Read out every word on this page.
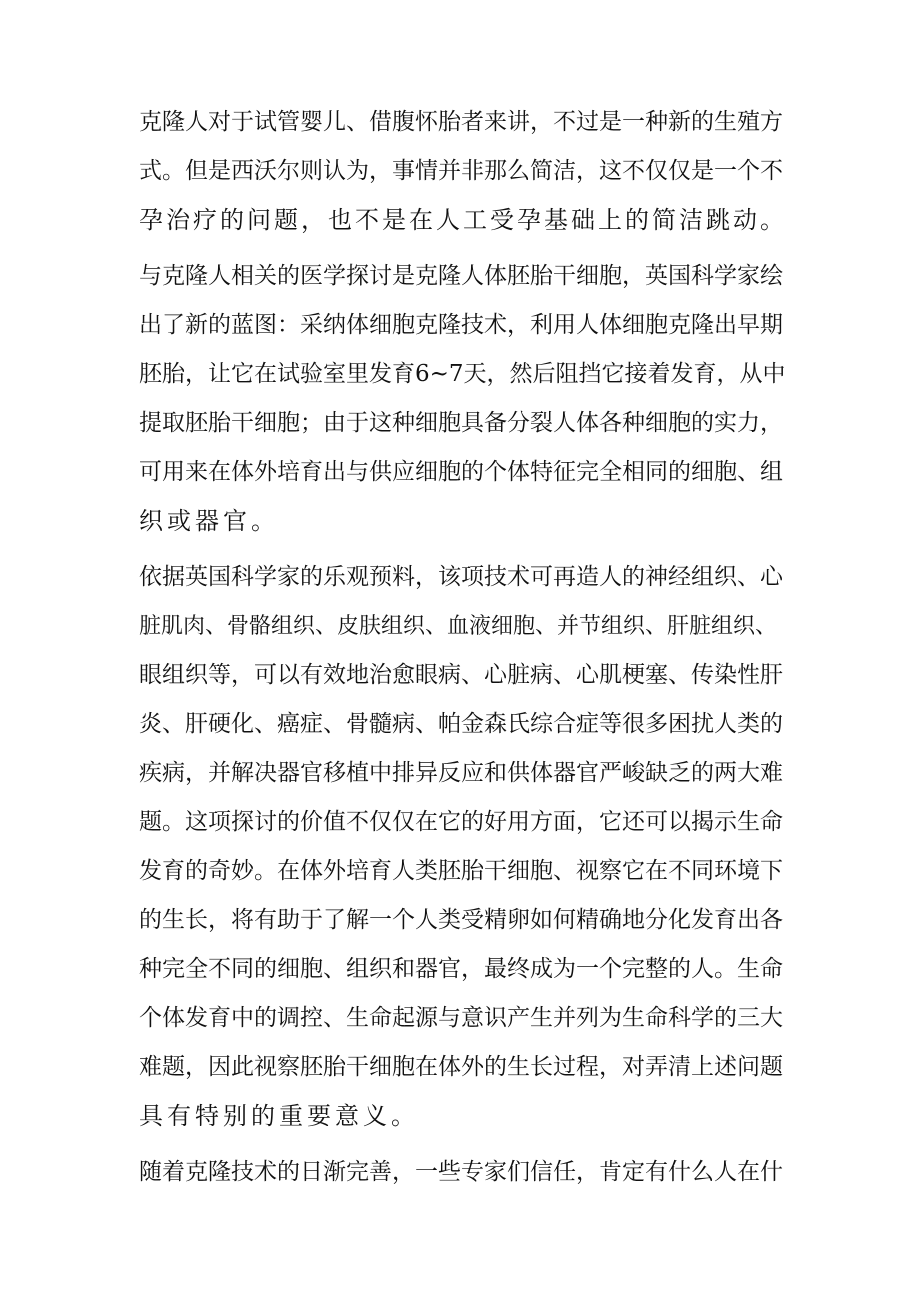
克隆人对于试管婴儿、借腹怀胎者来讲，不过是一种新的生殖方
式。但是西沃尔则认为，事情并非那么简洁，这不仅仅是一个不
孕治疗的问题，也不是在人工受孕基础上的简洁跳动。
与克隆人相关的医学探讨是克隆人体胚胎干细胞，英国科学家绘
出了新的蓝图：采纳体细胞克隆技术，利用人体细胞克隆出早期
胚胎，让它在试验室里发育6~7天，然后阻挡它接着发育，从中
提取胚胎干细胞；由于这种细胞具备分裂人体各种细胞的实力，
可用来在体外培育出与供应细胞的个体特征完全相同的细胞、组
织或器官。
依据英国科学家的乐观预料，该项技术可再造人的神经组织、心
脏肌肉、骨骼组织、皮肤组织、血液细胞、并节组织、肝脏组织、
眼组织等，可以有效地治愈眼病、心脏病、心肌梗塞、传染性肝
炎、肝硬化、癌症、骨髓病、帕金森氏综合症等很多困扰人类的
疾病，并解决器官移植中排异反应和供体器官严峻缺乏的两大难
题。这项探讨的价值不仅仅在它的好用方面，它还可以揭示生命
发育的奇妙。在体外培育人类胚胎干细胞、视察它在不同环境下
的生长，将有助于了解一个人类受精卵如何精确地分化发育出各
种完全不同的细胞、组织和器官，最终成为一个完整的人。生命
个体发育中的调控、生命起源与意识产生并列为生命科学的三大
难题，因此视察胚胎干细胞在体外的生长过程，对弄清上述问题
具有特别的重要意义。
随着克隆技术的日渐完善，一些专家们信任，肯定有什么人在什
